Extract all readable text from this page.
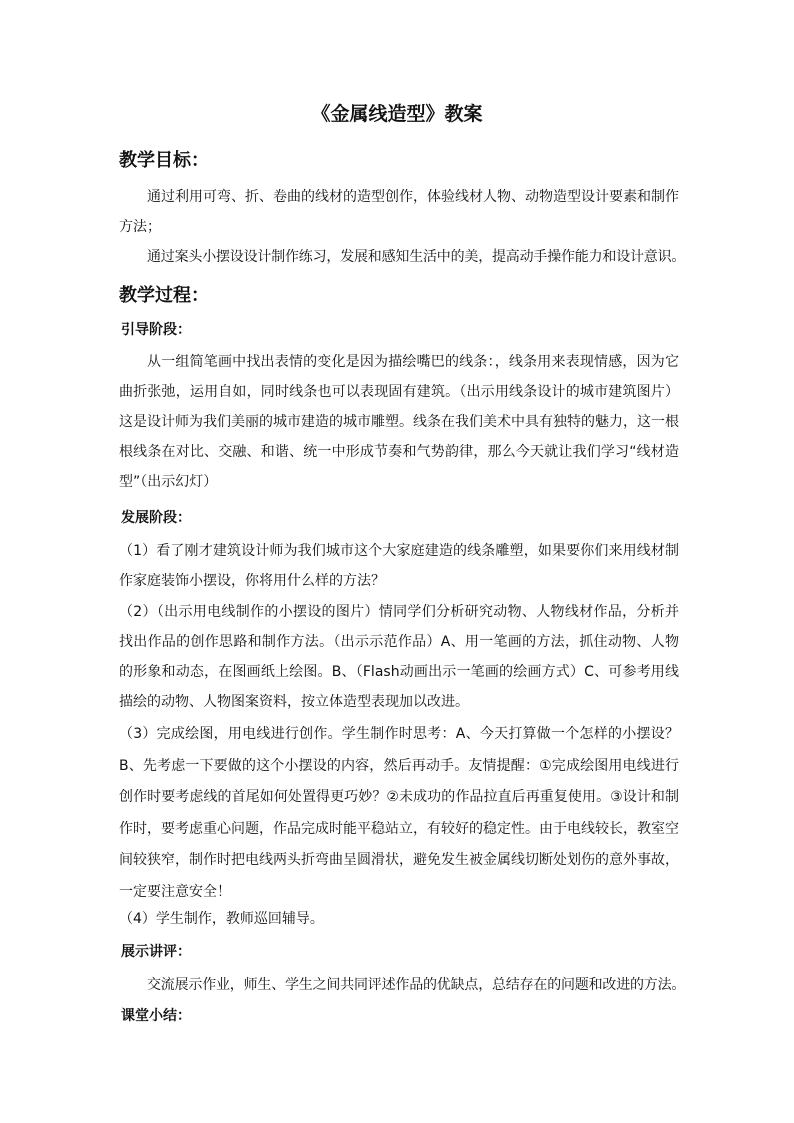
《金属线造型》教案
教学目标：

通过利用可弯、折、卷曲的线材的造型创作，体验线材人物、动物造型设计要素和制作方法；

通过案头小摆设设计制作练习，发展和感知生活中的美，提高动手操作能力和设计意识。

教学过程：
引导阶段：

从一组简笔画中找出表情的变化是因为描绘嘴巴的线条：，线条用来表现情感，因为它曲折张弛，运用自如，同时线条也可以表现固有建筑。（出示用线条设计的城市建筑图片）这是设计师为我们美丽的城市建造的城市雕塑。线条在我们美术中具有独特的魅力，这一根根线条在对比、交融、和谐、统一中形成节奏和气势韵律，那么今天就让我们学习“线材造型”（出示幻灯）

发展阶段：

（1）看了刚才建筑设计师为我们城市这个大家庭建造的线条雕塑，如果要你们来用线材制作家庭装饰小摆设，你将用什么样的方法？

（2）（出示用电线制作的小摆设的图片）情同学们分析研究动物、人物线材作品，分析并找出作品的创作思路和制作方法。（出示示范作品）A、用一笔画的方法，抓住动物、人物的形象和动态，在图画纸上绘图。B、（Flash动画出示一笔画的绘画方式）C、可参考用线描绘的动物、人物图案资料，按立体造型表现加以改进。

（3）完成绘图，用电线进行创作。学生制作时思考：A、今天打算做一个怎样的小摆设？B、先考虑一下要做的这个小摆设的内容，然后再动手。友情提醒：①完成绘图用电线进行创作时要考虑线的首尾如何处置得更巧妙？②未成功的作品拉直后再重复使用。③设计和制作时，要考虑重心问题，作品完成时能平稳站立，有较好的稳定性。由于电线较长，教室空间较狭窄，制作时把电线两头折弯曲呈圆滑状，避免发生被金属线切断处划伤的意外事故，一定要注意安全！

（4）学生制作，教师巡回辅导。

展示讲评：

交流展示作业，师生、学生之间共同评述作品的优缺点，总结存在的问题和改进的方法。

课堂小结：
